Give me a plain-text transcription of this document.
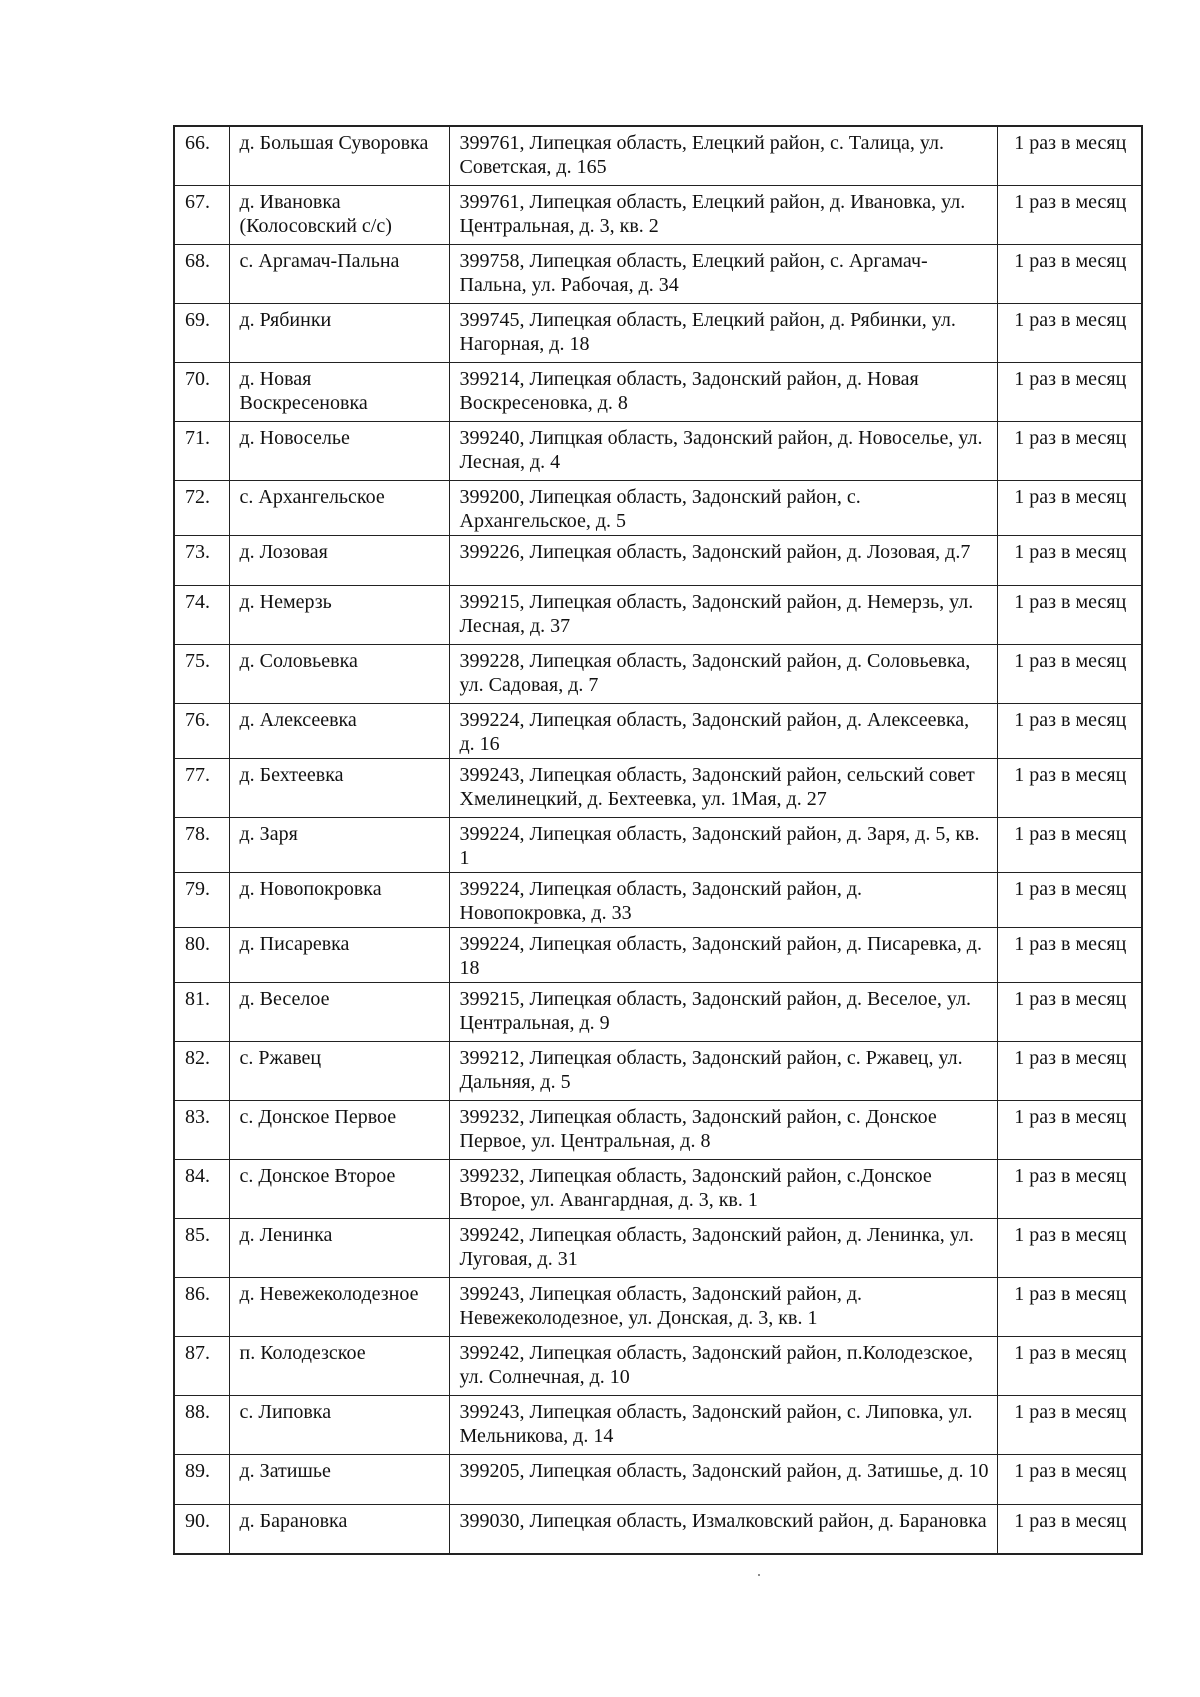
66.	д. Большая Суворовка	399761, Липецкая область, Елецкий район, с. Талица, ул. Советская, д. 165	1 раз в месяц
67.	д. Ивановка (Колосовский с/с)	399761, Липецкая область, Елецкий район, д. Ивановка, ул. Центральная, д. 3, кв. 2	1 раз в месяц
68.	с. Аргамач-Пальна	399758, Липецкая область, Елецкий район, с. Аргамач-Пальна, ул. Рабочая, д. 34	1 раз в месяц
69.	д. Рябинки	399745, Липецкая область, Елецкий район, д. Рябинки, ул. Нагорная, д. 18	1 раз в месяц
70.	д. Новая Воскресеновка	399214, Липецкая область, Задонский район, д. Новая Воскресеновка, д. 8	1 раз в месяц
71.	д. Новоселье	399240, Липцкая область, Задонский район, д. Новоселье, ул. Лесная, д. 4	1 раз в месяц
72.	с. Архангельское	399200, Липецкая область, Задонский район, с. Архангельское, д. 5	1 раз в месяц
73.	д. Лозовая	399226, Липецкая область, Задонский район, д. Лозовая, д.7	1 раз в месяц
74.	д. Немерзь	399215, Липецкая область, Задонский район, д. Немерзь, ул. Лесная, д. 37	1 раз в месяц
75.	д. Соловьевка	399228, Липецкая область, Задонский район, д. Соловьевка, ул. Садовая, д. 7	1 раз в месяц
76.	д. Алексеевка	399224, Липецкая область, Задонский район, д. Алексеевка, д. 16	1 раз в месяц
77.	д. Бехтеевка	399243, Липецкая область, Задонский район, сельский совет Хмелинецкий, д. Бехтеевка, ул. 1Мая, д. 27	1 раз в месяц
78.	д. Заря	399224, Липецкая область, Задонский район, д. Заря, д. 5, кв. 1	1 раз в месяц
79.	д. Новопокровка	399224, Липецкая область, Задонский район, д. Новопокровка, д. 33	1 раз в месяц
80.	д. Писаревка	399224, Липецкая область, Задонский район, д. Писаревка, д. 18	1 раз в месяц
81.	д. Веселое	399215, Липецкая область, Задонский район, д. Веселое, ул. Центральная, д. 9	1 раз в месяц
82.	с. Ржавец	399212, Липецкая область, Задонский район, с. Ржавец, ул. Дальняя, д. 5	1 раз в месяц
83.	с. Донское Первое	399232, Липецкая область, Задонский район, с. Донское Первое, ул. Центральная, д. 8	1 раз в месяц
84.	с. Донское Второе	399232, Липецкая область, Задонский район, с.Донское Второе, ул. Авангардная, д. 3, кв. 1	1 раз в месяц
85.	д. Ленинка	399242, Липецкая область, Задонский район, д. Ленинка, ул. Луговая, д. 31	1 раз в месяц
86.	д. Невежеколодезное	399243, Липецкая область, Задонский район, д. Невежеколодезное, ул. Донская, д. 3, кв. 1	1 раз в месяц
87.	п. Колодезское	399242, Липецкая область, Задонский район, п.Колодезское, ул. Солнечная, д. 10	1 раз в месяц
88.	с. Липовка	399243, Липецкая область, Задонский район, с. Липовка, ул. Мельникова, д. 14	1 раз в месяц
89.	д. Затишье	399205, Липецкая область, Задонский район, д. Затишье, д. 10	1 раз в месяц
90.	д. Барановка	399030, Липецкая область, Измалковский район, д. Барановка	1 раз в месяц
